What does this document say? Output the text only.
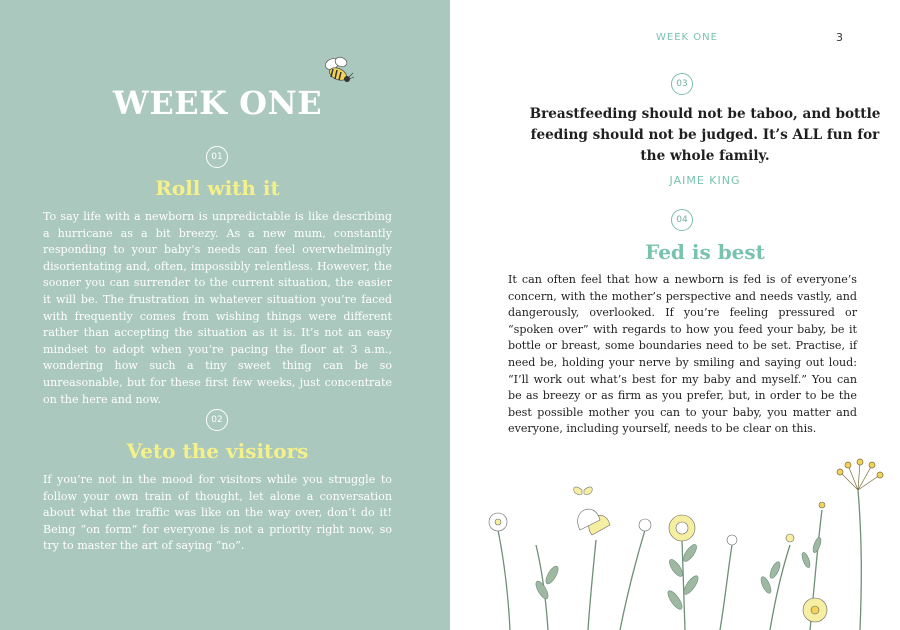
WEEK ONE
01
Roll with it

To say life with a newborn is unpredictable is like describing a hurricane as a bit breezy. As a new mum, constantly responding to your baby’s needs can feel overwhelmingly disorientating and, often, impossibly relentless. However, the sooner you can surrender to the current situation, the easier it will be. The frustration in whatever situation you’re faced with frequently comes from wishing things were different rather than accepting the situation as it is. It’s not an easy mindset to adopt when you’re pacing the floor at 3 a.m., wondering how such a tiny sweet thing can be so unreasonable, but for these first few weeks, just concentrate on the here and now.

02
Veto the visitors

If you’re not in the mood for visitors while you struggle to follow your own train of thought, let alone a conversation about what the traffic was like on the way over, don’t do it! Being “on form” for everyone is not a priority right now, so try to master the art of saying “no”.

WEEK ONE	3

03

Breastfeeding should not be taboo, and bottle feeding should not be judged. It’s ALL fun for the whole family.

JAIME KING

04
Fed is best

It can often feel that how a newborn is fed is of everyone’s concern, with the mother’s perspective and needs vastly, and dangerously, overlooked. If you’re feeling pressured or “spoken over” with regards to how you feed your baby, be it bottle or breast, some boundaries need to be set. Practise, if need be, holding your nerve by smiling and saying out loud: “I’ll work out what’s best for my baby and myself.” You can be as breezy or as firm as you prefer, but, in order to be the best possible mother you can to your baby, you matter and everyone, including yourself, needs to be clear on this.
